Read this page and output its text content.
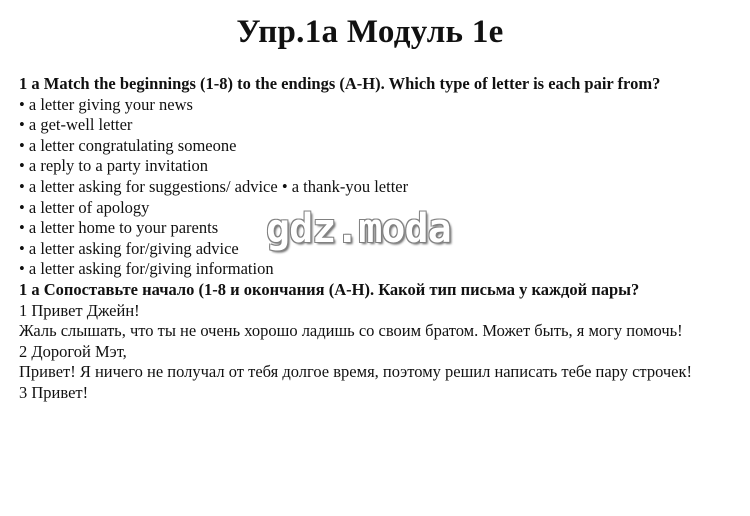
Упр.1a Модуль 1e
1 a Match the beginnings (1-8) to the endings (A-H). Which type of letter is each pair from?
• a letter giving your news
• a get-well letter
• a letter congratulating someone
• a reply to a party invitation
• a letter asking for suggestions/ advice • a thank-you letter
• a letter of apology
• a letter home to your parents
• a letter asking for/giving advice
• a letter asking for/giving information
1 a Сопоставьте начало (1-8 и окончания (A-H). Какой тип письма у каждой пары?
1 Привет Джейн!
Жаль слышать, что ты не очень хорошо ладишь со своим братом. Может быть, я могу помочь!
2 Дорогой Мэт,
Привет! Я ничего не получал от тебя долгое время, поэтому решил написать тебе пару строчек!
3 Привет!
gdz.moda
